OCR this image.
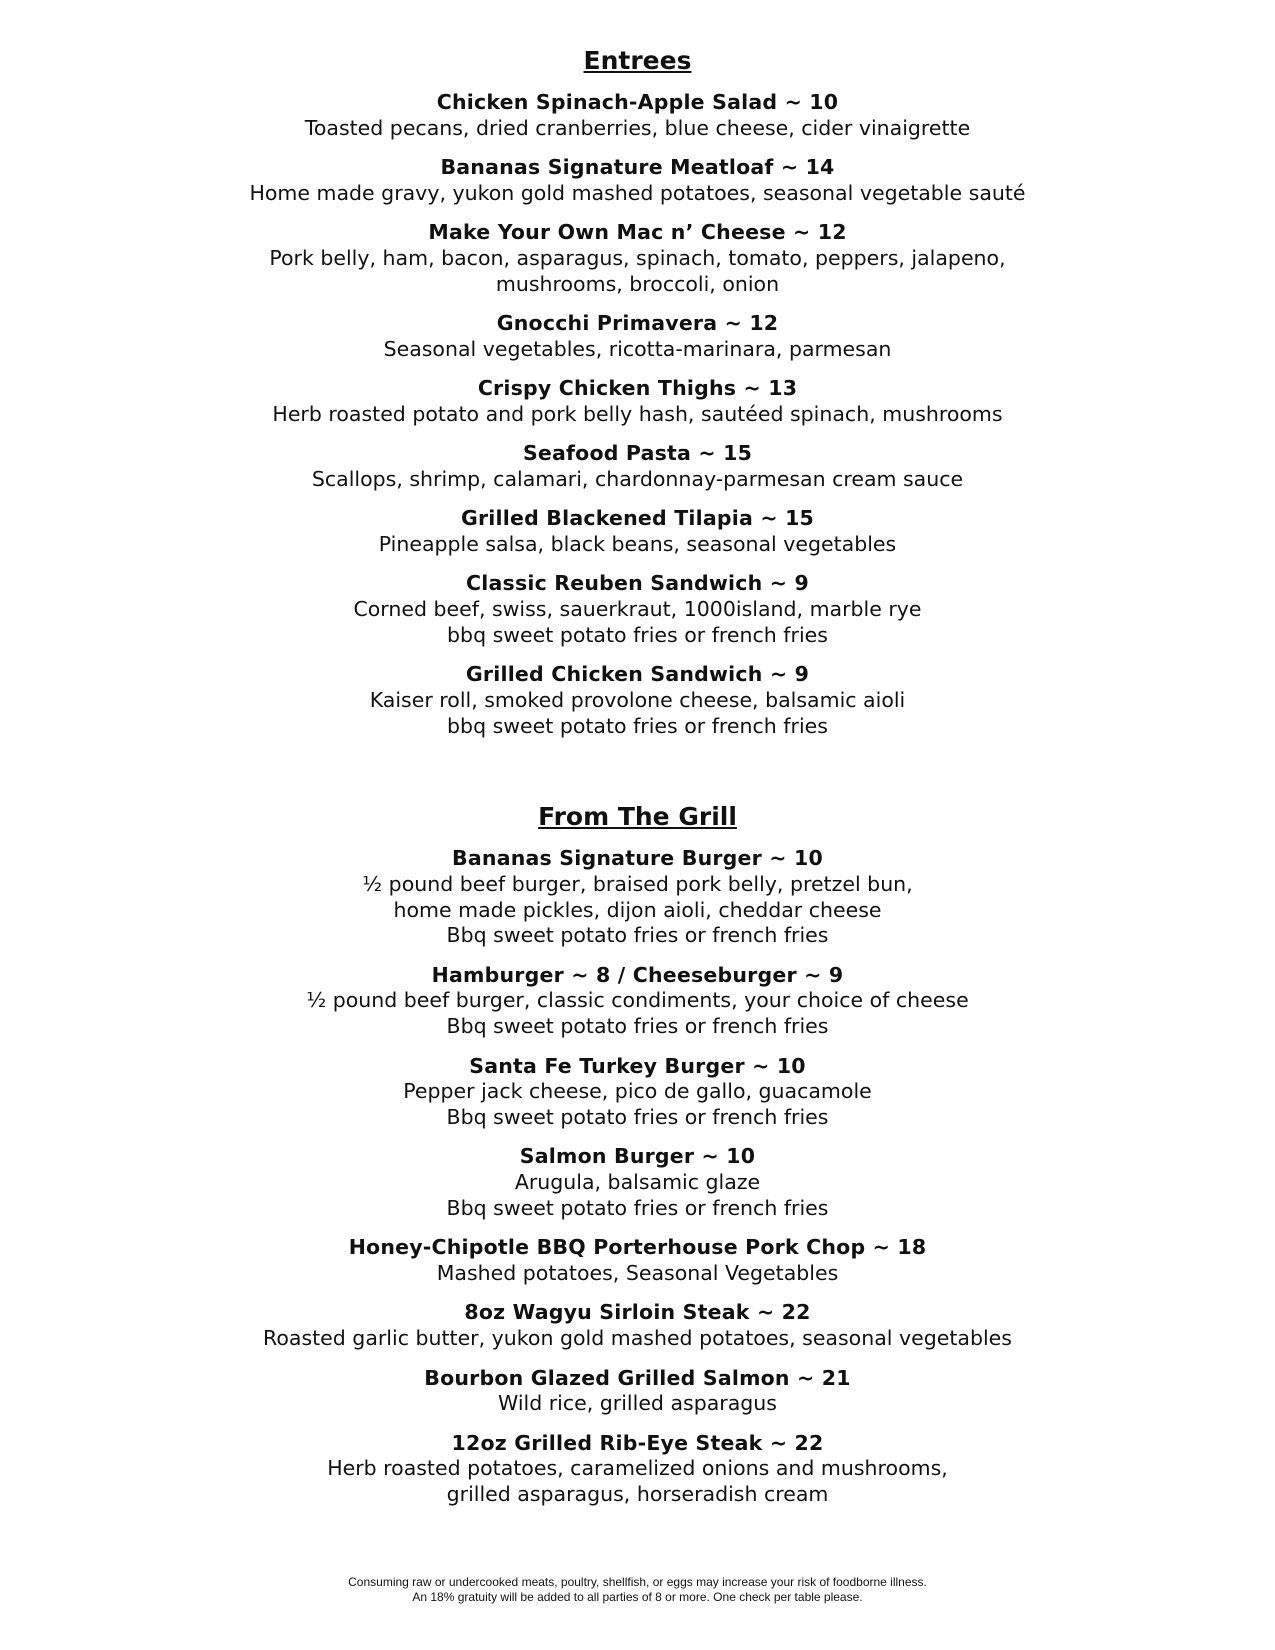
Entrees
Chicken Spinach-Apple Salad ~ 10
Toasted pecans, dried cranberries, blue cheese, cider vinaigrette
Bananas Signature Meatloaf ~ 14
Home made gravy, yukon gold mashed potatoes, seasonal vegetable sauté
Make Your Own Mac n’ Cheese ~ 12
Pork belly, ham, bacon, asparagus, spinach, tomato, peppers, jalapeno,
mushrooms, broccoli, onion
Gnocchi Primavera ~ 12
Seasonal vegetables, ricotta-marinara, parmesan
Crispy Chicken Thighs ~ 13
Herb roasted potato and pork belly hash, sautéed spinach, mushrooms
Seafood Pasta ~ 15
Scallops, shrimp, calamari, chardonnay-parmesan cream sauce
Grilled Blackened Tilapia ~ 15
Pineapple salsa, black beans, seasonal vegetables
Classic Reuben Sandwich ~ 9
Corned beef, swiss, sauerkraut, 1000island, marble rye
bbq sweet potato fries or french fries
Grilled Chicken Sandwich ~ 9
Kaiser roll, smoked provolone cheese, balsamic aioli
bbq sweet potato fries or french fries
From The Grill
Bananas Signature Burger ~ 10
½ pound beef burger, braised pork belly, pretzel bun,
home made pickles, dijon aioli, cheddar cheese
Bbq sweet potato fries or french fries
Hamburger ~ 8 / Cheeseburger ~ 9
½ pound beef burger, classic condiments, your choice of cheese
Bbq sweet potato fries or french fries
Santa Fe Turkey Burger ~ 10
Pepper jack cheese, pico de gallo, guacamole
Bbq sweet potato fries or french fries
Salmon Burger ~ 10
Arugula, balsamic glaze
Bbq sweet potato fries or french fries
Honey-Chipotle BBQ Porterhouse Pork Chop ~ 18
Mashed potatoes, Seasonal Vegetables
8oz Wagyu Sirloin Steak ~ 22
Roasted garlic butter, yukon gold mashed potatoes, seasonal vegetables
Bourbon Glazed Grilled Salmon ~ 21
Wild rice, grilled asparagus
12oz Grilled Rib-Eye Steak ~ 22
Herb roasted potatoes, caramelized onions and mushrooms,
grilled asparagus, horseradish cream
Consuming raw or undercooked meats, poultry, shellfish, or eggs may increase your risk of foodborne illness.
An 18% gratuity will be added to all parties of 8 or more. One check per table please.
